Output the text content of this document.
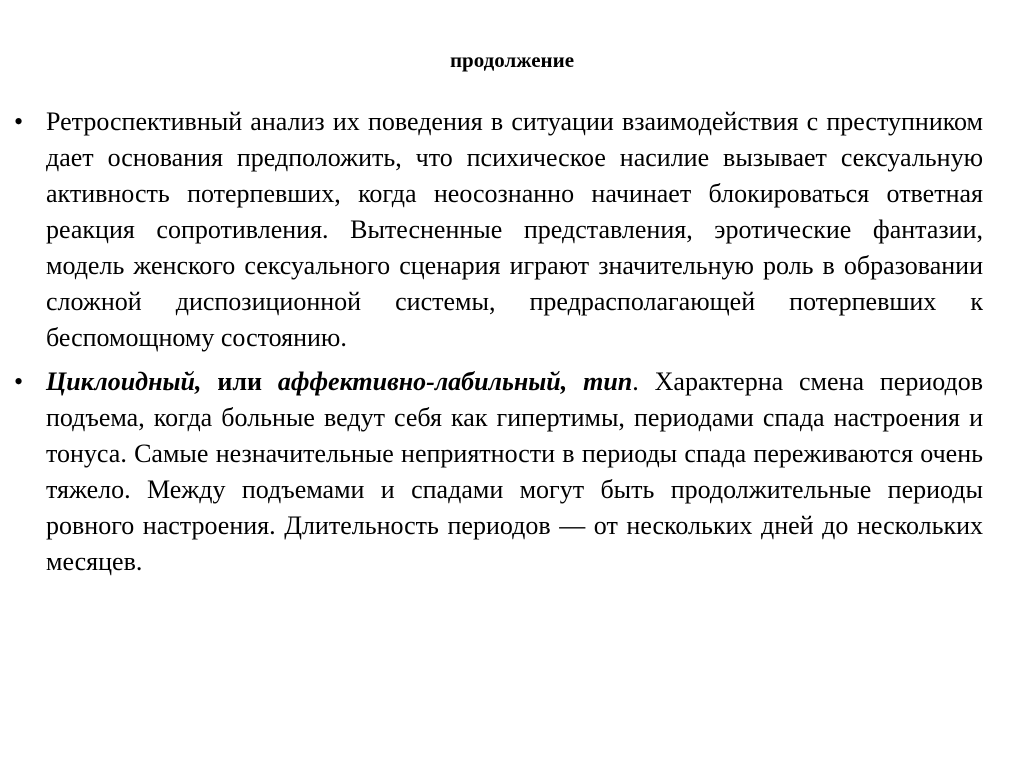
продолжение
• Ретроспективный анализ их поведения в ситуации взаимодействия с преступником дает основания предположить, что психическое насилие вызывает сексуальную активность потерпевших, когда неосознанно начинает блокироваться ответная реакция сопротивления. Вытесненные представления, эротические фантазии, модель женского сексуального сценария играют значительную роль в образовании сложной диспозиционной системы, предрасполагающей потерпевших к беспомощному состоянию.
• Циклоидный, или аффективно-лабильный, тип. Характерна смена периодов подъема, когда больные ведут себя как гипертимы, периодами спада настроения и тонуса. Самые незначительные неприятности в периоды спада переживаются очень тяжело. Между подъемами и спадами могут быть продолжительные периоды ровного настроения. Длительность периодов — от нескольких дней до нескольких месяцев.
